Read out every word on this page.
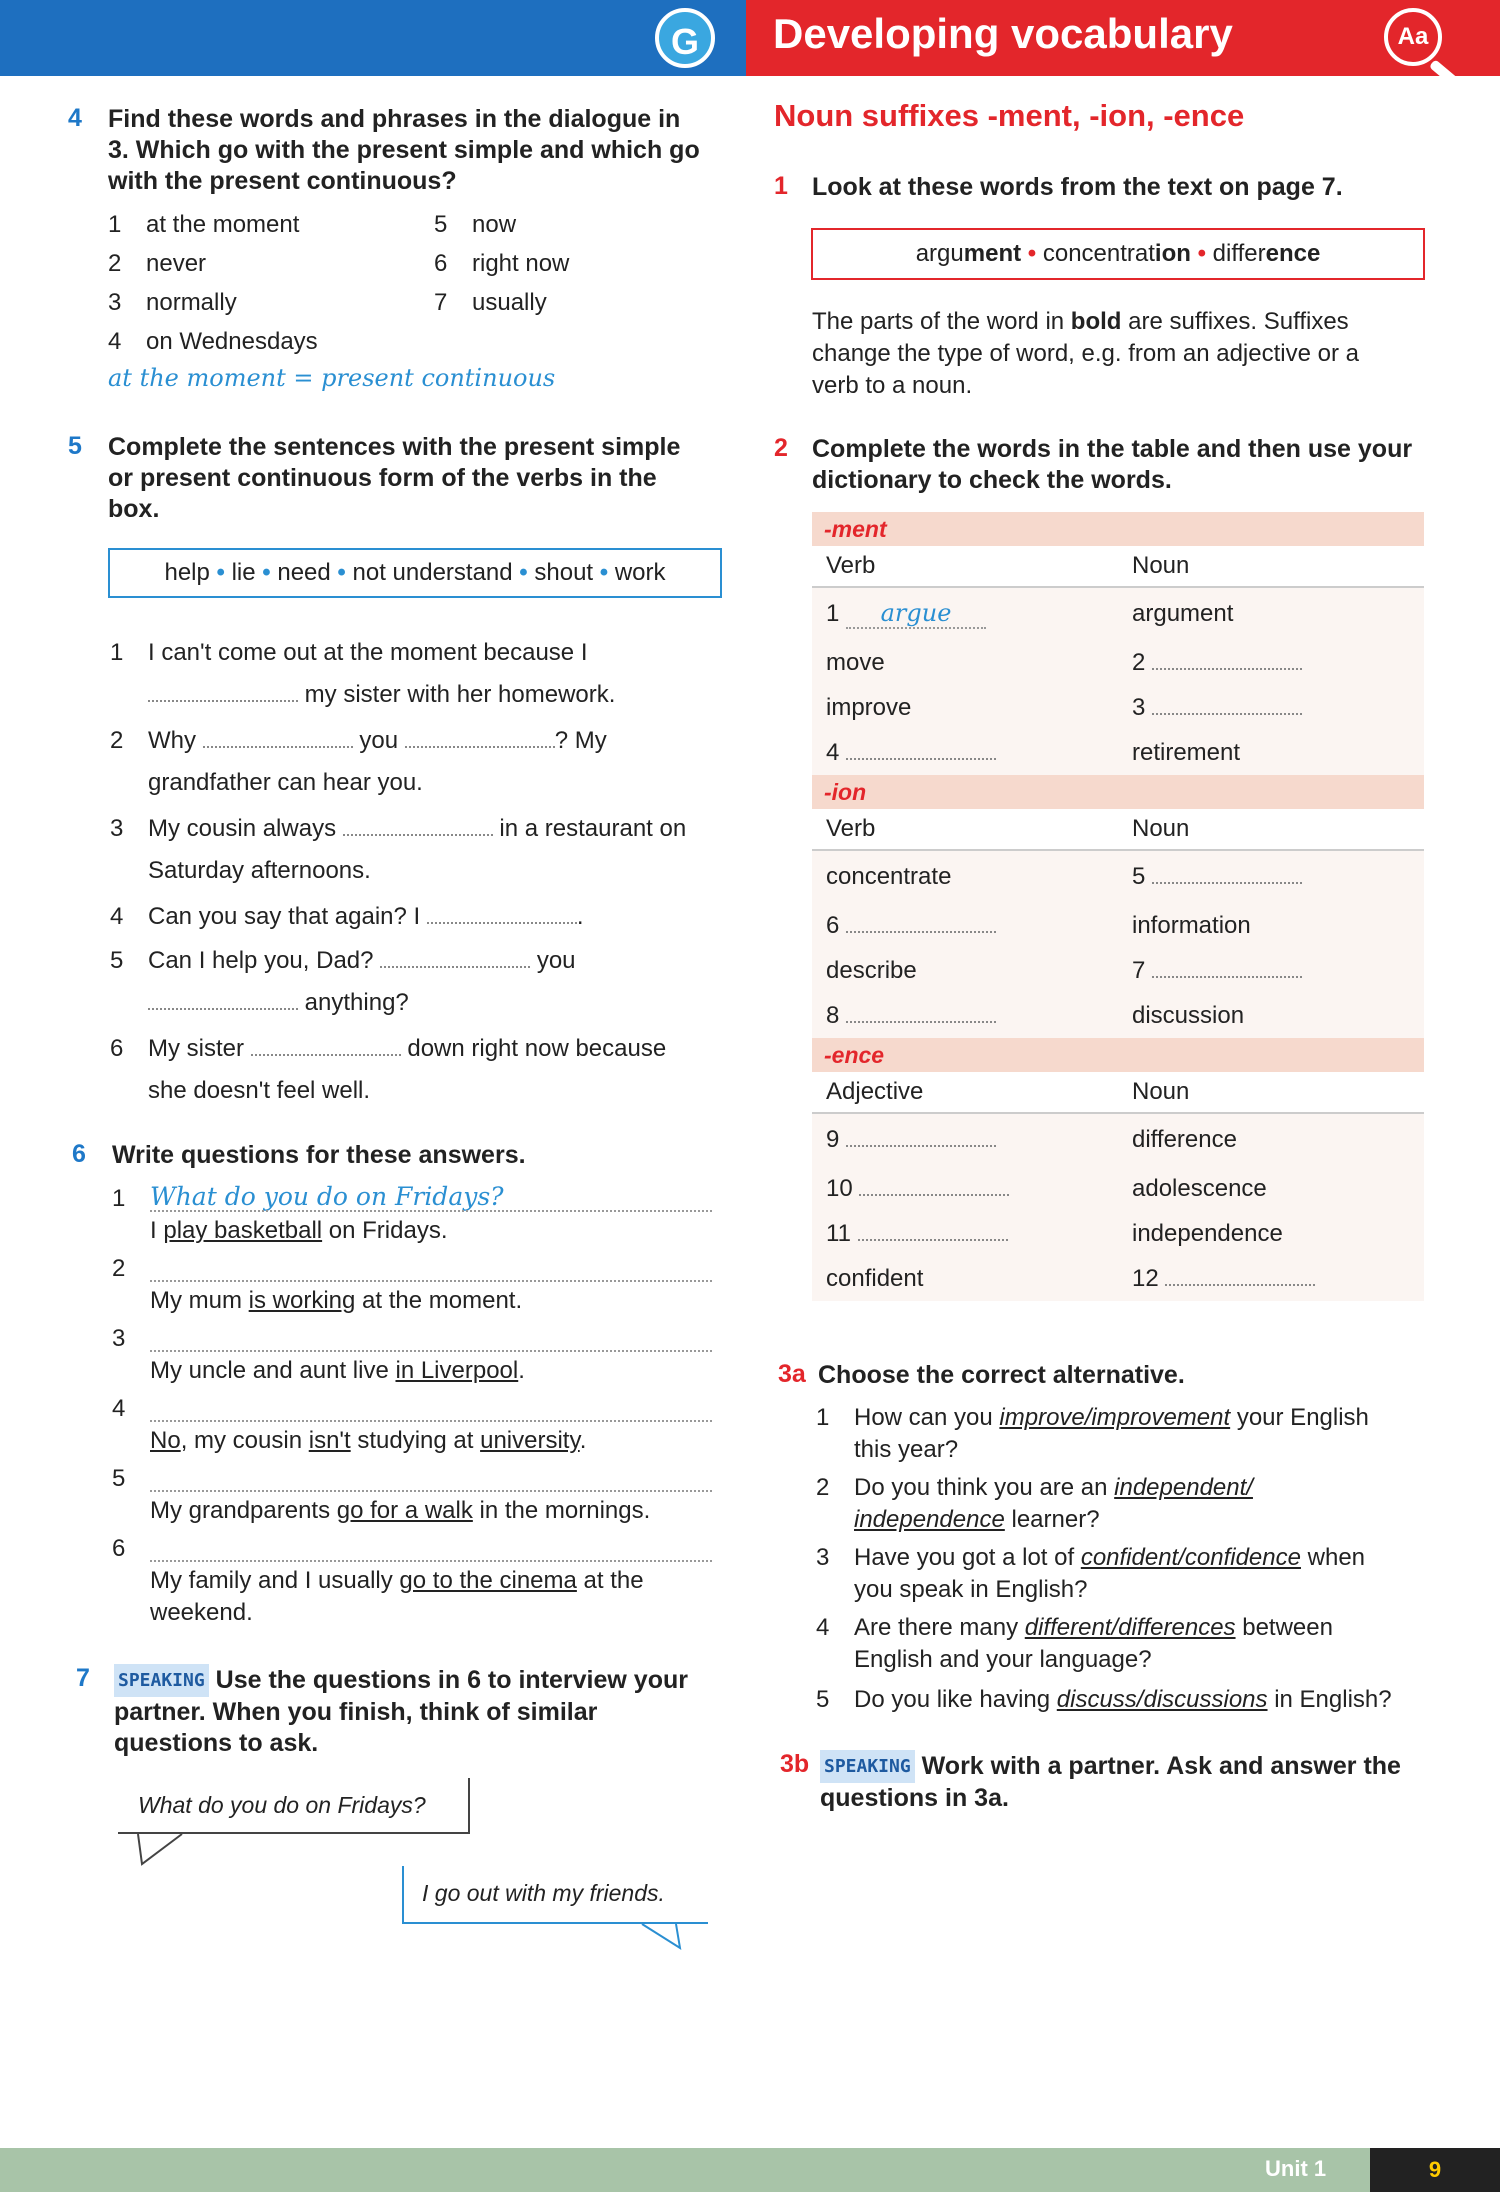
G	Developing vocabulary	Aa
4	Find these words and phrases in the dialogue in 3. Which go with the present simple and which go with the present continuous?
1 at the moment
2 never
3 normally
4 on Wednesdays
5 now
6 right now
7 usually
at the moment = present continuous
5	Complete the sentences with the present simple or present continuous form of the verbs in the box.
help • lie • need • not understand • shout • work
1 I can't come out at the moment because I
my sister with her homework.
2 Why	you	? My
grandfather can hear you.
3 My cousin always	in a restaurant on
Saturday afternoons.
4 Can you say that again? I	.
5 Can I help you, Dad?	you
anything?
6 My sister	down right now because
she doesn't feel well.
6	Write questions for these answers.
1 What do you do on Fridays?
I play basketball on Fridays.
2
My mum is working at the moment.
3
My uncle and aunt live in Liverpool.
4
No, my cousin isn't studying at university.
5
My grandparents go for a walk in the mornings.
6
My family and I usually go to the cinema at the
weekend.
7	SPEAKING Use the questions in 6 to interview your partner. When you finish, think of similar questions to ask.
What do you do on Fridays?
I go out with my friends.
Noun suffixes -ment, -ion, -ence
1 Look at these words from the text on page 7.
argument • concentration • difference
The parts of the word in bold are suffixes. Suffixes change the type of word, e.g. from an adjective or a verb to a noun.
2 Complete the words in the table and then use your dictionary to check the words.
-ment
Verb	Noun
1 argue	argument
move	2
improve	3
4	retirement
-ion
Verb	Noun
concentrate	5
6	information
describe	7
8	discussion
-ence
Adjective	Noun
9	difference
10	adolescence
11	independence
confident	12
3a Choose the correct alternative.
1 How can you improve/improvement your English
this year?
2 Do you think you are an independent/
independence learner?
3 Have you got a lot of confident/confidence when
you speak in English?
4 Are there many different/differences between
English and your language?
5 Do you like having discuss/discussions in English?
3b SPEAKING Work with a partner. Ask and answer the questions in 3a.
Unit 1	9
